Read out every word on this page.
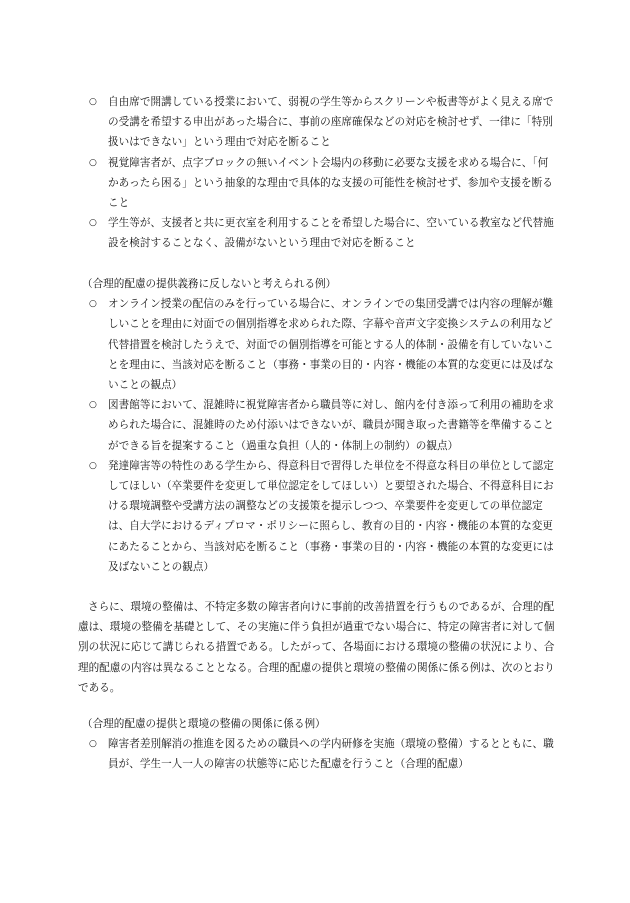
○ 自由席で開講している授業において、弱視の学生等からスクリーンや板書等がよく見える席での受講を希望する申出があった場合に、事前の座席確保などの対応を検討せず、一律に「特別扱いはできない」という理由で対応を断ること
○ 視覚障害者が、点字ブロックの無いイベント会場内の移動に必要な支援を求める場合に、「何かあったら困る」という抽象的な理由で具体的な支援の可能性を検討せず、参加や支援を断ること
○ 学生等が、支援者と共に更衣室を利用することを希望した場合に、空いている教室など代替施設を検討することなく、設備がないという理由で対応を断ること

（合理的配慮の提供義務に反しないと考えられる例）

○ オンライン授業の配信のみを行っている場合に、オンラインでの集団受講では内容の理解が難しいことを理由に対面での個別指導を求められた際、字幕や音声文字変換システムの利用など代替措置を検討したうえで、対面での個別指導を可能とする人的体制・設備を有していないことを理由に、当該対応を断ること（事務・事業の目的・内容・機能の本質的な変更には及ばないことの観点）
○ 図書館等において、混雑時に視覚障害者から職員等に対し、館内を付き添って利用の補助を求められた場合に、混雑時のため付添いはできないが、職員が聞き取った書籍等を準備することができる旨を提案すること（過重な負担（人的・体制上の制約）の観点）
○ 発達障害等の特性のある学生から、得意科目で習得した単位を不得意な科目の単位として認定してほしい（卒業要件を変更して単位認定をしてほしい）と要望された場合、不得意科目における環境調整や受講方法の調整などの支援策を提示しつつ、卒業要件を変更しての単位認定は、自大学におけるディプロマ・ポリシーに照らし、教育の目的・内容・機能の本質的な変更にあたることから、当該対応を断ること（事務・事業の目的・内容・機能の本質的な変更には及ばないことの観点）

さらに、環境の整備は、不特定多数の障害者向けに事前的改善措置を行うものであるが、合理的配慮は、環境の整備を基礎として、その実施に伴う負担が過重でない場合に、特定の障害者に対して個別の状況に応じて講じられる措置である。したがって、各場面における環境の整備の状況により、合理的配慮の内容は異なることとなる。合理的配慮の提供と環境の整備の関係に係る例は、次のとおりである。

（合理的配慮の提供と環境の整備の関係に係る例）

○ 障害者差別解消の推進を図るための職員への学内研修を実施（環境の整備）するとともに、職員が、学生一人一人の障害の状態等に応じた配慮を行うこと（合理的配慮）
